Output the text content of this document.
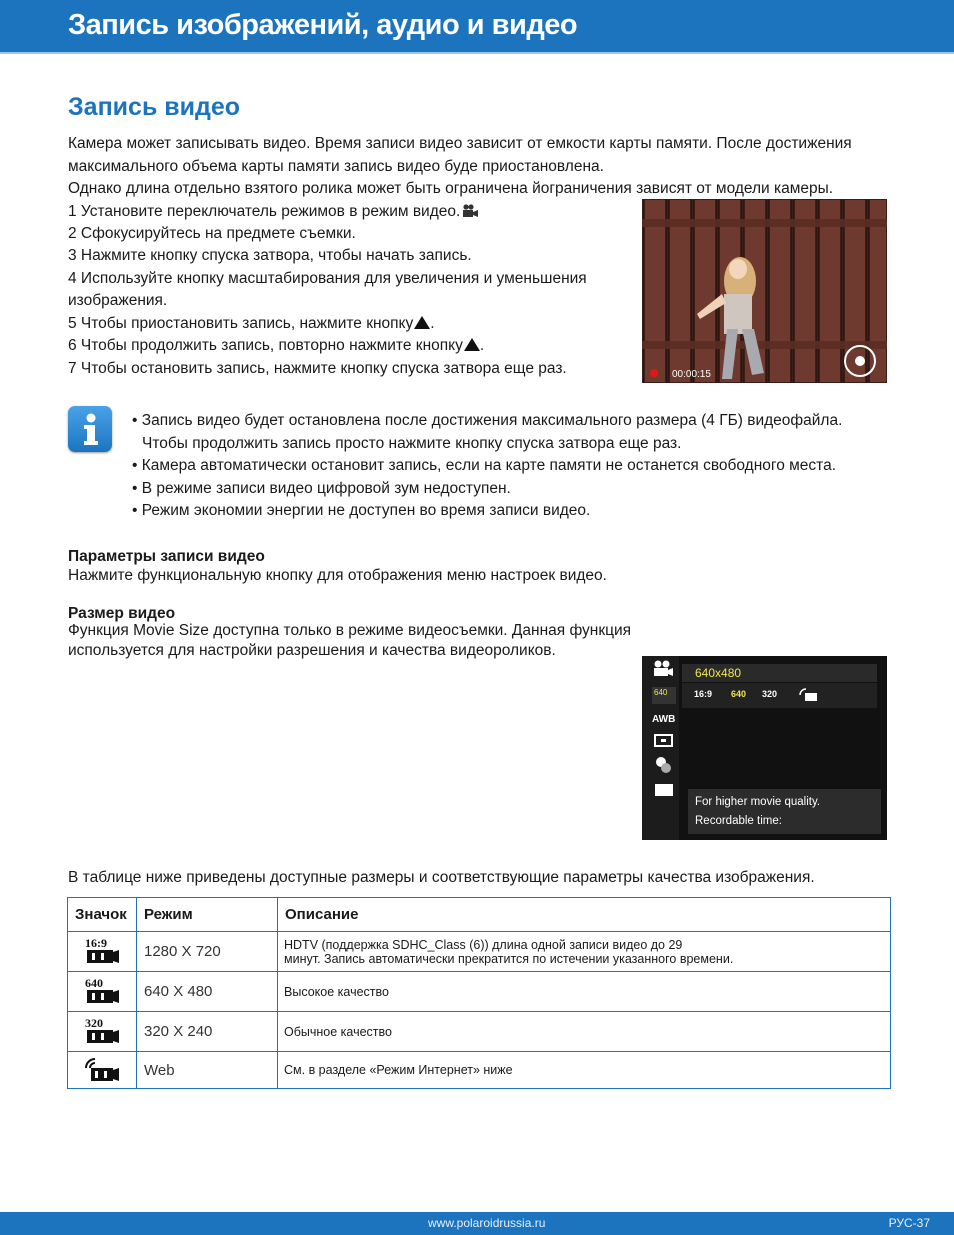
Запись изображений, аудио и видео
Запись видео
Камера может записывать видео. Время записи видео зависит от емкости карты памяти. После достижения
максимального объема карты памяти запись видео буде приостановлена.
Однако длина отдельно взятого ролика может быть ограничена йограничения зависят от модели камеры.
1 Установите переключатель режимов в режим видео.
2 Сфокусируйтесь на предмете съемки.
3 Нажмите кнопку спуска затвора, чтобы начать запись.
4 Используйте кнопку масштабирования для увеличения и уменьшения
изображения.
5 Чтобы приостановить запись, нажмите кнопку .
6 Чтобы продолжить запись, повторно нажмите кнопку .
7 Чтобы остановить запись, нажмите кнопку спуска затвора еще раз.	00:00:15
• Запись видео будет остановлена после достижения максимального размера (4 ГБ) видеофайла.
Чтобы продолжить запись просто нажмите кнопку спуска затвора еще раз.
• Камера автоматически остановит запись, если на карте памяти не останется свободного места.
• В режиме записи видео цифровой зум недоступен.
• Режим экономии энергии не доступен во время записи видео.
Параметры записи видео
Нажмите функциональную кнопку для отображения меню настроек видео.
Размер видео
Функция Movie Size доступна только в режиме видеосъемки. Данная функция
используется для настройки разрешения и качества видеороликов.
640
AWB
640x480
16:9 640 320
For higher movie quality.
Recordable time:
В таблице ниже приведены доступные размеры и соответствующие параметры качества изображения.
Значок	Режим	Описание

16:9	1280 X 720	HDTV (поддержка SDHC_Class (6)) длина одной записи видео до 29
минут. Запись автоматически прекратится по истечении указанного времени.

640	640 X 480	Высокое качество

320	320 X 240	Обычное качество
	Web	См. в разделе «Режим Интернет» ниже
www.polaroidrussia.ru	РУС-37
